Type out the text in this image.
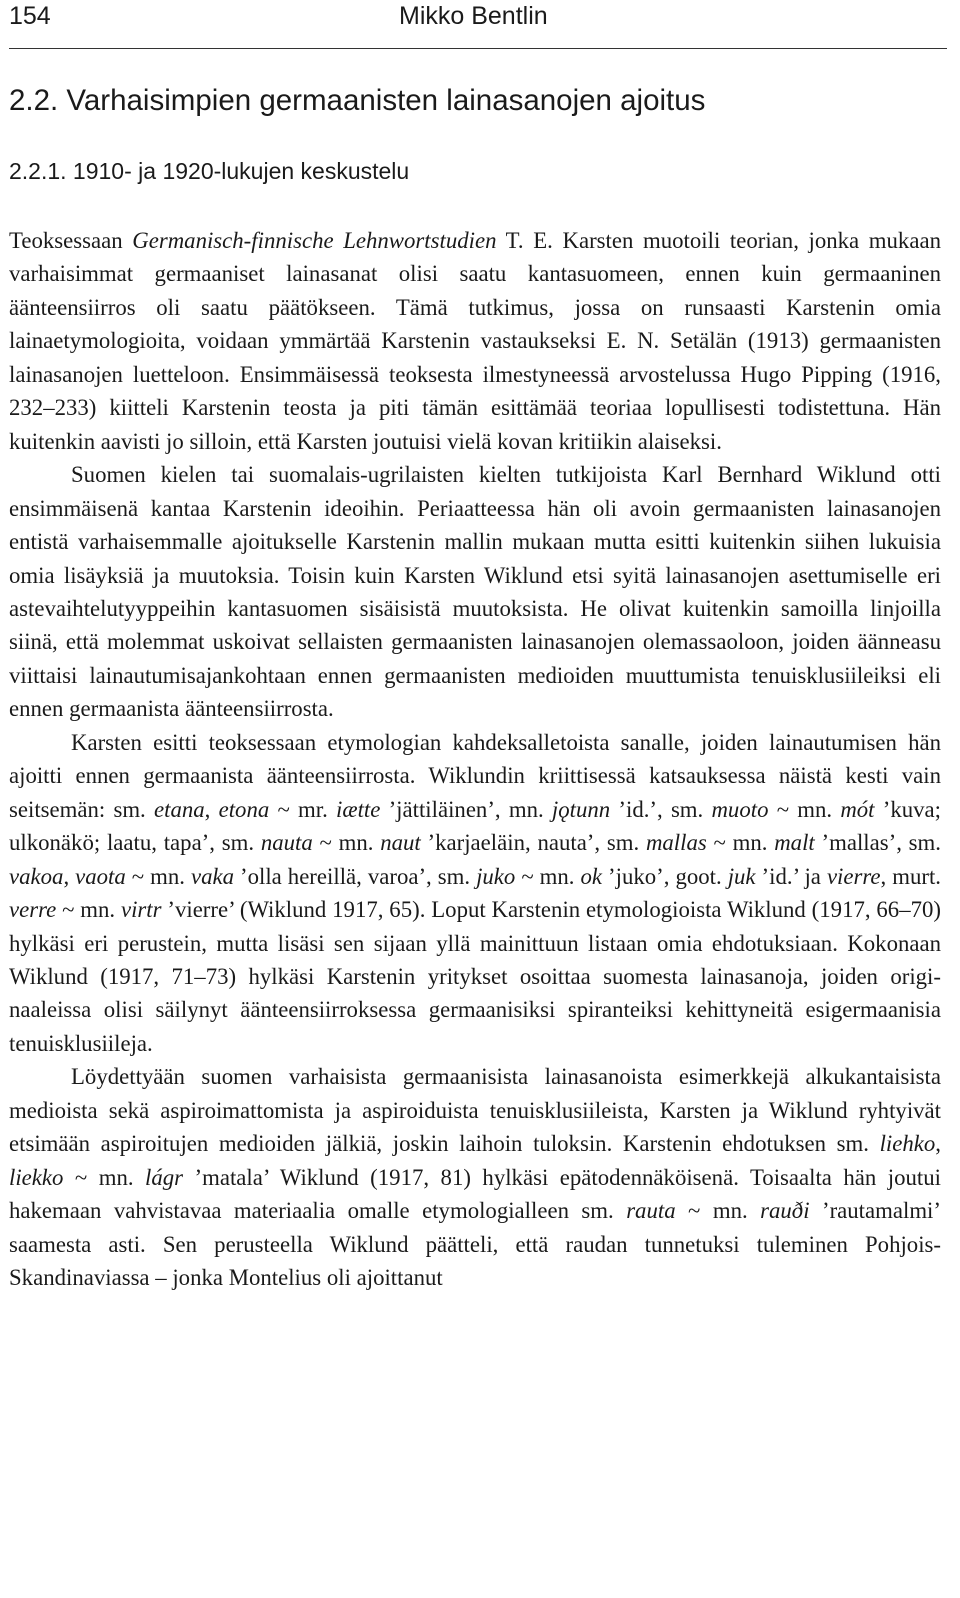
154	Mikko Bentlin
2.2. Varhaisimpien germaanisten lainasanojen ajoitus
2.2.1. 1910- ja 1920-lukujen keskustelu

Teoksessaan Germanisch-finnische Lehnwortstudien T. E. Karsten muotoili teorian, jonka mukaan varhaisimmat germaaniset lainasanat olisi saatu kantasuomeen, ennen kuin germaaninen äänteensiirros oli saatu päätökseen. Tämä tutkimus, jossa on runsaasti Karstenin omia lainaetymologioita, voidaan ymmärtää Karstenin vastaukseksi E. N. Setälän (1913) germaanisten lainasanojen luetteloon. Ensimmäisessä teoksesta ilmestyneessä arvostelussa Hugo Pipping (1916, 232–233) kiitteli Karstenin teosta ja piti tämän esittämää teoriaa lopullisesti todistettuna. Hän kuitenkin aavisti jo silloin, että Karsten joutuisi vielä kovan kritiikin alaiseksi.

Suomen kielen tai suomalais-ugrilaisten kielten tutkijoista Karl Bernhard Wiklund otti ensimmäisenä kantaa Karstenin ideoihin. Periaatteessa hän oli avoin germaanisten lainasanojen entistä varhaisemmalle ajoitukselle Karstenin mallin mukaan mutta esitti kuitenkin siihen lukuisia omia lisäyksiä ja muutoksia. Toisin kuin Karsten Wiklund etsi syitä lainasanojen asettumiselle eri astevaihtelutyyppeihin kantasuomen sisäisistä muutoksista. He olivat kuitenkin samoilla linjoilla siinä, että molemmat uskoivat sellaisten germaanisten lainasanojen olemassaoloon, joiden äänneasu viittaisi lainautumisajankohtaan ennen germaanisten medioiden muuttumista tenuisklusiileiksi eli ennen germaanista äänteensiirrosta.

Karsten esitti teoksessaan etymologian kahdeksalletoista sanalle, joiden lainautumisen hän ajoitti ennen germaanista äänteensiirrosta. Wiklundin kriittisessä katsauksessa näistä kesti vain seitsemän: sm. etana, etona ~ mr. iætte ’jättiläinen’, mn. jǫtunn ’id.’, sm. muoto ~ mn. mót ’kuva; ulkonäkö; laatu, tapa’, sm. nauta ~ mn. naut ’karjaeläin, nauta’, sm. mallas ~ mn. malt ’mallas’, sm. vakoa, vaota ~ mn. vaka ’olla hereillä, varoa’, sm. juko ~ mn. ok ’juko’, goot. juk ’id.’ ja vierre, murt. verre ~ mn. virtr ’vierre’ (Wiklund 1917, 65). Loput Karstenin etymologioista Wiklund (1917, 66–70) hylkäsi eri perustein, mutta lisäsi sen sijaan yllä mainittuun listaan omia ehdotuksiaan. Kokonaan Wiklund (1917, 71–73) hylkäsi Karstenin yritykset osoittaa suomesta lainasanoja, joiden originaaleissa olisi säilynyt äänteensiirroksessa germaanisiksi spiranteiksi kehittyneitä esigermaanisia tenuisklusiileja.

Löydettyään suomen varhaisista germaanisista lainasanoista esimerkkejä alkukantaisista medioista sekä aspiroimattomista ja aspiroiduista tenuisklusiileista, Karsten ja Wiklund ryhtyivät etsimään aspiroitujen medioiden jälkiä, joskin laihoin tuloksin. Karstenin ehdotuksen sm. liehko, liekko ~ mn. lágr ’matala’ Wiklund (1917, 81) hylkäsi epätodennäköisenä. Toisaalta hän joutui hakemaan vahvistavaa materiaalia omalle etymologialleen sm. rauta ~ mn. rauði ’rautamalmi’ saamesta asti. Sen perusteella Wiklund päätteli, että raudan tunnetuksi tuleminen Pohjois-Skandinaviassa – jonka Montelius oli ajoittanut
